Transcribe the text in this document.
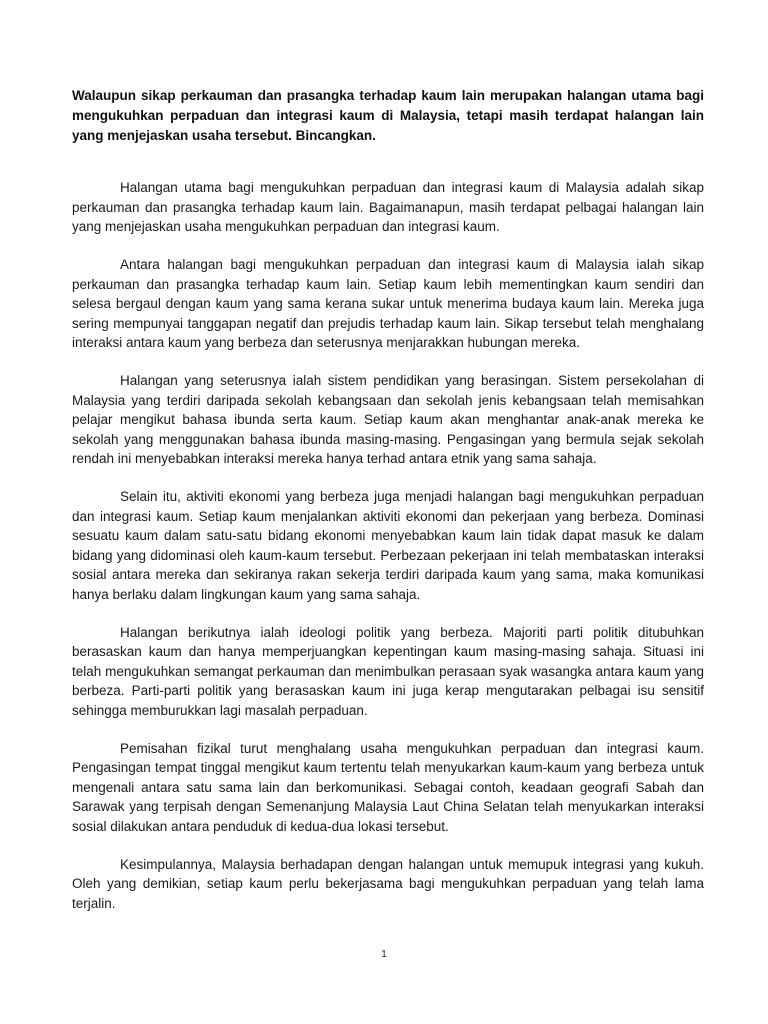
Walaupun sikap perkauman dan prasangka terhadap kaum lain merupakan halangan utama bagi mengukuhkan perpaduan dan integrasi kaum di Malaysia, tetapi masih terdapat halangan lain yang menjejaskan usaha tersebut. Bincangkan.

Halangan utama bagi mengukuhkan perpaduan dan integrasi kaum di Malaysia adalah sikap perkauman dan prasangka terhadap kaum lain. Bagaimanapun, masih terdapat pelbagai halangan lain yang menjejaskan usaha mengukuhkan perpaduan dan integrasi kaum.

Antara halangan bagi mengukuhkan perpaduan dan integrasi kaum di Malaysia ialah sikap perkauman dan prasangka terhadap kaum lain. Setiap kaum lebih mementingkan kaum sendiri dan selesa bergaul dengan kaum yang sama kerana sukar untuk menerima budaya kaum lain. Mereka juga sering mempunyai tanggapan negatif dan prejudis terhadap kaum lain. Sikap tersebut telah menghalang interaksi antara kaum yang berbeza dan seterusnya menjarakkan hubungan mereka.

Halangan yang seterusnya ialah sistem pendidikan yang berasingan. Sistem persekolahan di Malaysia yang terdiri daripada sekolah kebangsaan dan sekolah jenis kebangsaan telah memisahkan pelajar mengikut bahasa ibunda serta kaum. Setiap kaum akan menghantar anak-anak mereka ke sekolah yang menggunakan bahasa ibunda masing-masing. Pengasingan yang bermula sejak sekolah rendah ini menyebabkan interaksi mereka hanya terhad antara etnik yang sama sahaja.

Selain itu, aktiviti ekonomi yang berbeza juga menjadi halangan bagi mengukuhkan perpaduan dan integrasi kaum. Setiap kaum menjalankan aktiviti ekonomi dan pekerjaan yang berbeza. Dominasi sesuatu kaum dalam satu-satu bidang ekonomi menyebabkan kaum lain tidak dapat masuk ke dalam bidang yang didominasi oleh kaum-kaum tersebut. Perbezaan pekerjaan ini telah membataskan interaksi sosial antara mereka dan sekiranya rakan sekerja terdiri daripada kaum yang sama, maka komunikasi hanya berlaku dalam lingkungan kaum yang sama sahaja.

Halangan berikutnya ialah ideologi politik yang berbeza. Majoriti parti politik ditubuhkan berasaskan kaum dan hanya memperjuangkan kepentingan kaum masing-masing sahaja. Situasi ini telah mengukuhkan semangat perkauman dan menimbulkan perasaan syak wasangka antara kaum yang berbeza. Parti-parti politik yang berasaskan kaum ini juga kerap mengutarakan pelbagai isu sensitif sehingga memburukkan lagi masalah perpaduan.

Pemisahan fizikal turut menghalang usaha mengukuhkan perpaduan dan integrasi kaum. Pengasingan tempat tinggal mengikut kaum tertentu telah menyukarkan kaum-kaum yang berbeza untuk mengenali antara satu sama lain dan berkomunikasi. Sebagai contoh, keadaan geografi Sabah dan Sarawak yang terpisah dengan Semenanjung Malaysia Laut China Selatan telah menyukarkan interaksi sosial dilakukan antara penduduk di kedua-dua lokasi tersebut.

Kesimpulannya, Malaysia berhadapan dengan halangan untuk memupuk integrasi yang kukuh. Oleh yang demikian, setiap kaum perlu bekerjasama bagi mengukuhkan perpaduan yang telah lama terjalin.

1
